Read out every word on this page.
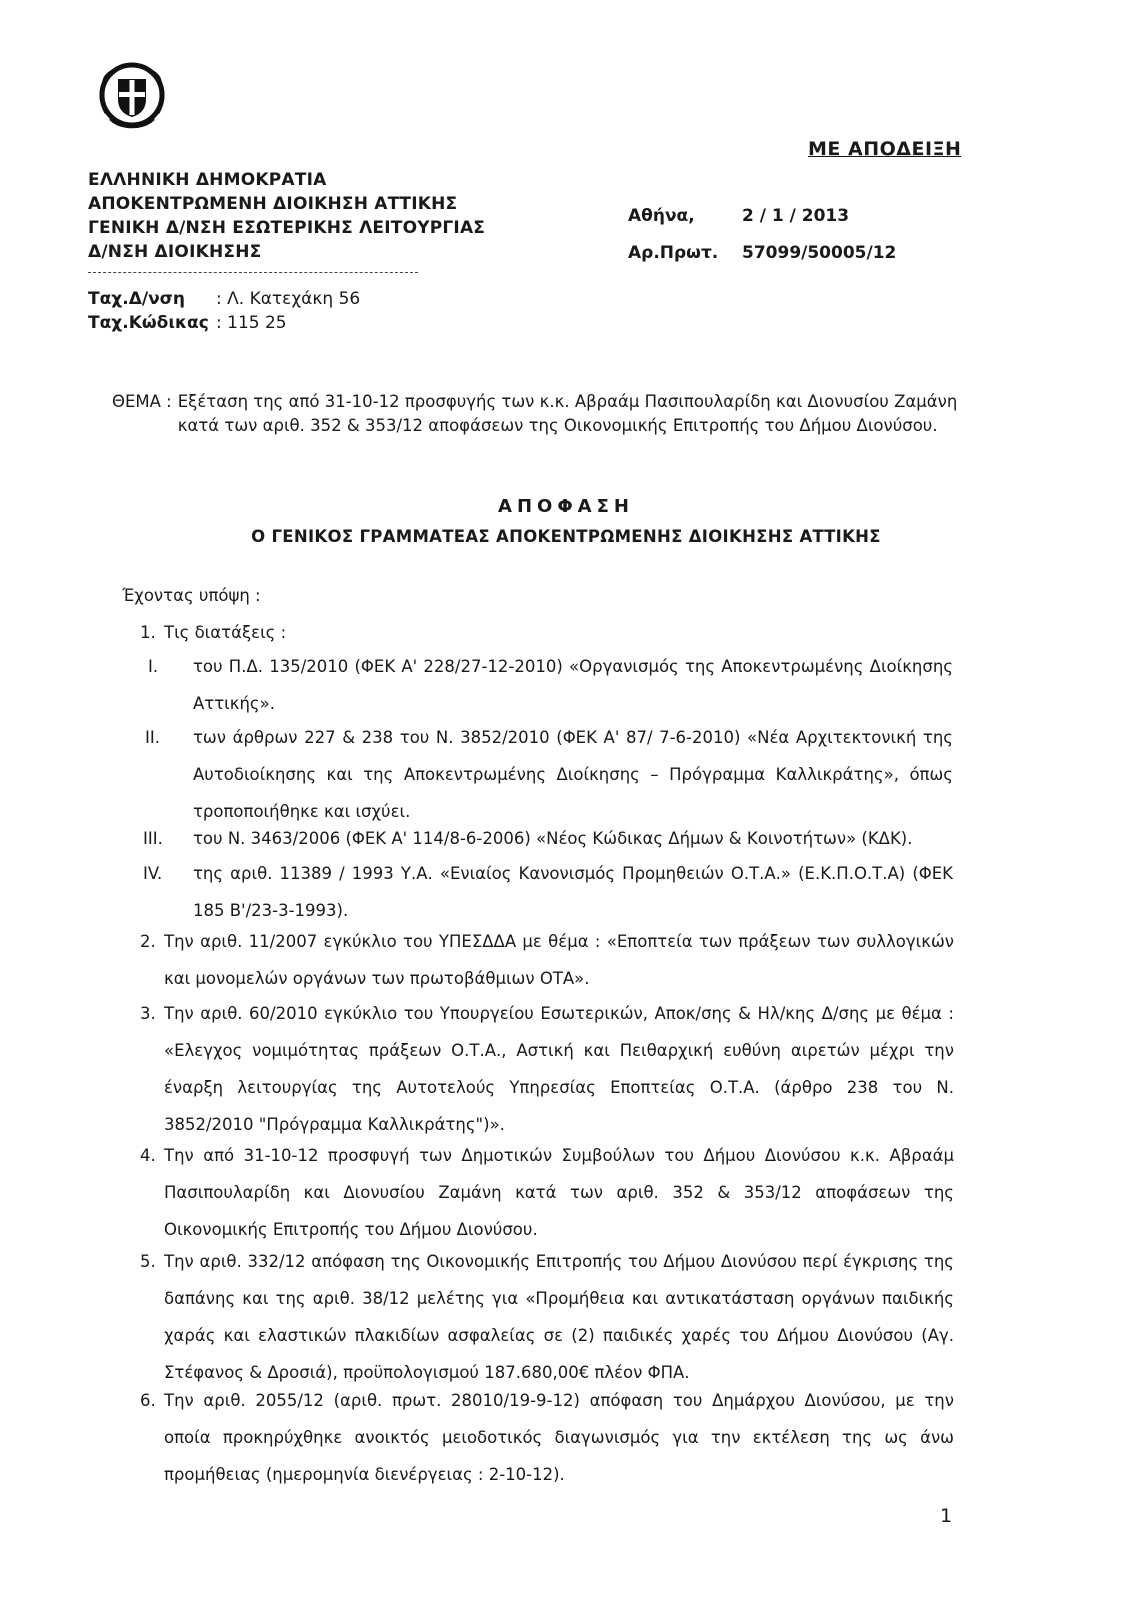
ΕΛΛΗΝΙΚΗ ΔΗΜΟΚΡΑΤΙΑ
ΑΠΟΚΕΝΤΡΩΜΕΝΗ ΔΙΟΙΚΗΣΗ ΑΤΤΙΚΗΣ
ΓΕΝΙΚΗ Δ/ΝΣΗ ΕΣΩΤΕΡΙΚΗΣ ΛΕΙΤΟΥΡΓΙΑΣ
Δ/ΝΣΗ ΔΙΟΙΚΗΣΗΣ
Ταχ.Δ/νση	: Λ. Κατεχάκη 56
Ταχ.Κώδικας : 115 25
ΜΕ ΑΠΟΔΕΙΞΗ
Αθήνα,	2 / 1 / 2013
Αρ.Πρωτ.	57099/50005/12
ΘΕΜΑ : Εξέταση της από 31-10-12 προσφυγής των κ.κ. Αβραάμ Πασιπουλαρίδη και Διονυσίου Ζαμάνη κατά των αριθ. 352 & 353/12 αποφάσεων της Οικονομικής Επιτροπής του Δήμου Διονύσου.
ΑΠΟΦΑΣΗ
Ο ΓΕΝΙΚΟΣ ΓΡΑΜΜΑΤΕΑΣ ΑΠΟΚΕΝΤΡΩΜΕΝΗΣ ΔΙΟΙΚΗΣΗΣ ΑΤΤΙΚΗΣ
Έχοντας υπόψη :
1. Τις διατάξεις :
I. του Π.Δ. 135/2010 (ΦΕΚ Α' 228/27-12-2010) «Οργανισμός της Αποκεντρωμένης Διοίκησης Αττικής».
II. των άρθρων 227 & 238 του Ν. 3852/2010 (ΦΕΚ Α' 87/ 7-6-2010) «Νέα Αρχιτεκτονική της Αυτοδιοίκησης και της Αποκεντρωμένης Διοίκησης – Πρόγραμμα Καλλικράτης», όπως τροποποιήθηκε και ισχύει.
III. του Ν. 3463/2006 (ΦΕΚ Α' 114/8-6-2006) «Νέος Κώδικας Δήμων & Κοινοτήτων» (ΚΔΚ).
IV. της αριθ. 11389 / 1993 Υ.Α. «Ενιαίος Κανονισμός Προμηθειών Ο.Τ.Α.» (Ε.Κ.Π.Ο.Τ.Α) (ΦΕΚ 185 Β'/23-3-1993).
2. Την αριθ. 11/2007 εγκύκλιο του ΥΠΕΣΔΔΑ με θέμα : «Εποπτεία των πράξεων των συλλογικών και μονομελών οργάνων των πρωτοβάθμιων ΟΤΑ».
3. Την αριθ. 60/2010 εγκύκλιο του Υπουργείου Εσωτερικών, Αποκ/σης & Ηλ/κης Δ/σης με θέμα : «Ελεγχος νομιμότητας πράξεων Ο.Τ.Α., Αστική και Πειθαρχική ευθύνη αιρετών μέχρι την έναρξη λειτουργίας της Αυτοτελούς Υπηρεσίας Εποπτείας Ο.Τ.Α. (άρθρο 238 του Ν. 3852/2010 "Πρόγραμμα Καλλικράτης")».
4. Την από 31-10-12 προσφυγή των Δημοτικών Συμβούλων του Δήμου Διονύσου κ.κ. Αβραάμ Πασιπουλαρίδη και Διονυσίου Ζαμάνη κατά των αριθ. 352 & 353/12 αποφάσεων της Οικονομικής Επιτροπής του Δήμου Διονύσου.
5. Την αριθ. 332/12 απόφαση της Οικονομικής Επιτροπής του Δήμου Διονύσου περί έγκρισης της δαπάνης και της αριθ. 38/12 μελέτης για «Προμήθεια και αντικατάσταση οργάνων παιδικής χαράς και ελαστικών πλακιδίων ασφαλείας σε (2) παιδικές χαρές του Δήμου Διονύσου (Αγ. Στέφανος & Δροσιά), προϋπολογισμού 187.680,00€ πλέον ΦΠΑ.
6. Την αριθ. 2055/12 (αριθ. πρωτ. 28010/19-9-12) απόφαση του Δημάρχου Διονύσου, με την οποία προκηρύχθηκε ανοικτός μειοδοτικός διαγωνισμός για την εκτέλεση της ως άνω προμήθειας (ημερομηνία διενέργειας : 2-10-12).
1
